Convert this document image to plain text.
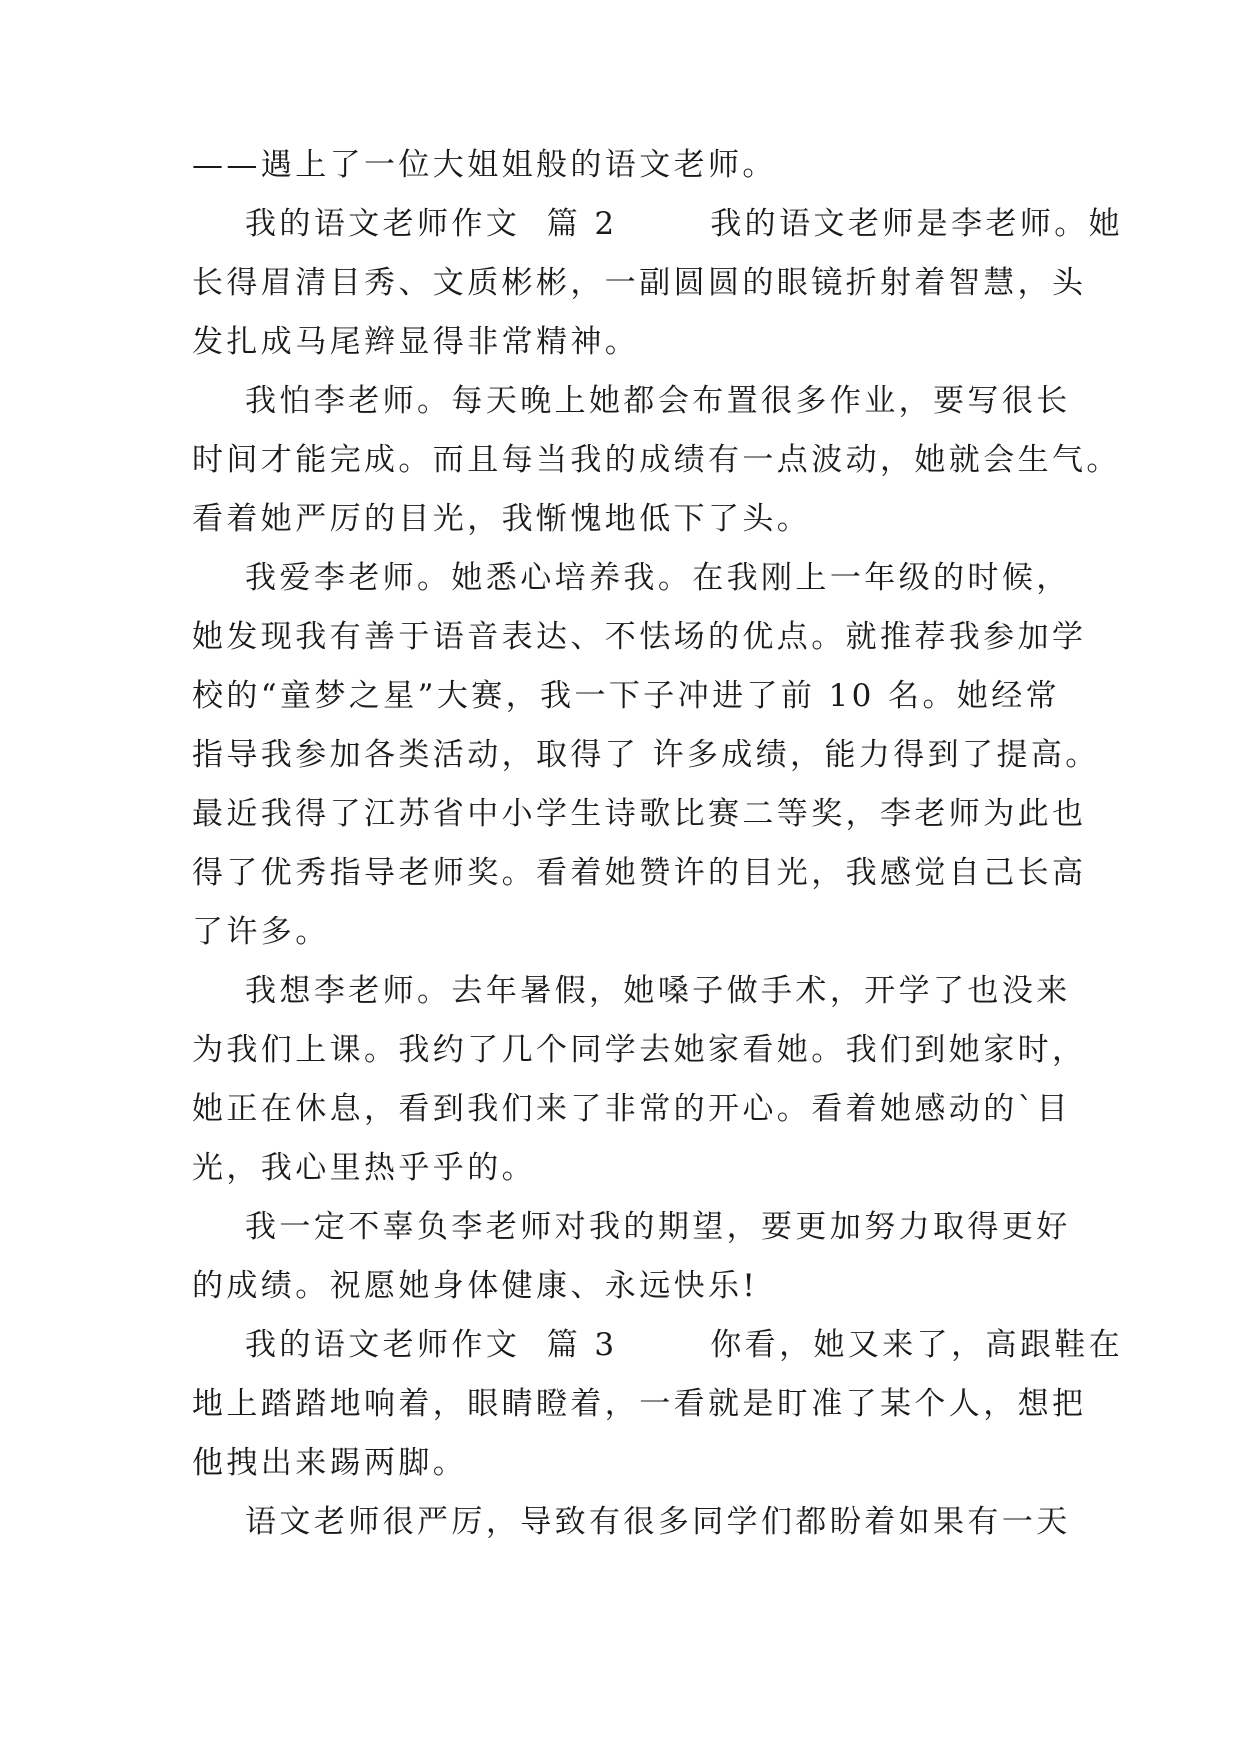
——遇上了一位大姐姐般的语文老师。
我的语文老师作文  篇 2       我的语文老师是李老师。她
长得眉清目秀、文质彬彬，一副圆圆的眼镜折射着智慧，头
发扎成马尾辫显得非常精神。
我怕李老师。每天晚上她都会布置很多作业，要写很长
时间才能完成。而且每当我的成绩有一点波动，她就会生气。
看着她严厉的目光，我惭愧地低下了头。
我爱李老师。她悉心培养我。在我刚上一年级的时候，
她发现我有善于语音表达、不怯场的优点。就推荐我参加学
校的“童梦之星”大赛，我一下子冲进了前 10 名。她经常
指导我参加各类活动，取得了 许多成绩，能力得到了提高。
最近我得了江苏省中小学生诗歌比赛二等奖，李老师为此也
得了优秀指导老师奖。看着她赞许的目光，我感觉自己长高
了许多。
我想李老师。去年暑假，她嗓子做手术，开学了也没来
为我们上课。我约了几个同学去她家看她。我们到她家时，
她正在休息，看到我们来了非常的开心。看着她感动的`目
光，我心里热乎乎的。
我一定不辜负李老师对我的期望，要更加努力取得更好
的成绩。祝愿她身体健康、永远快乐!
我的语文老师作文  篇 3       你看，她又来了，高跟鞋在
地上踏踏地响着，眼睛瞪着，一看就是盯准了某个人，想把
他拽出来踢两脚。
语文老师很严厉，导致有很多同学们都盼着如果有一天
